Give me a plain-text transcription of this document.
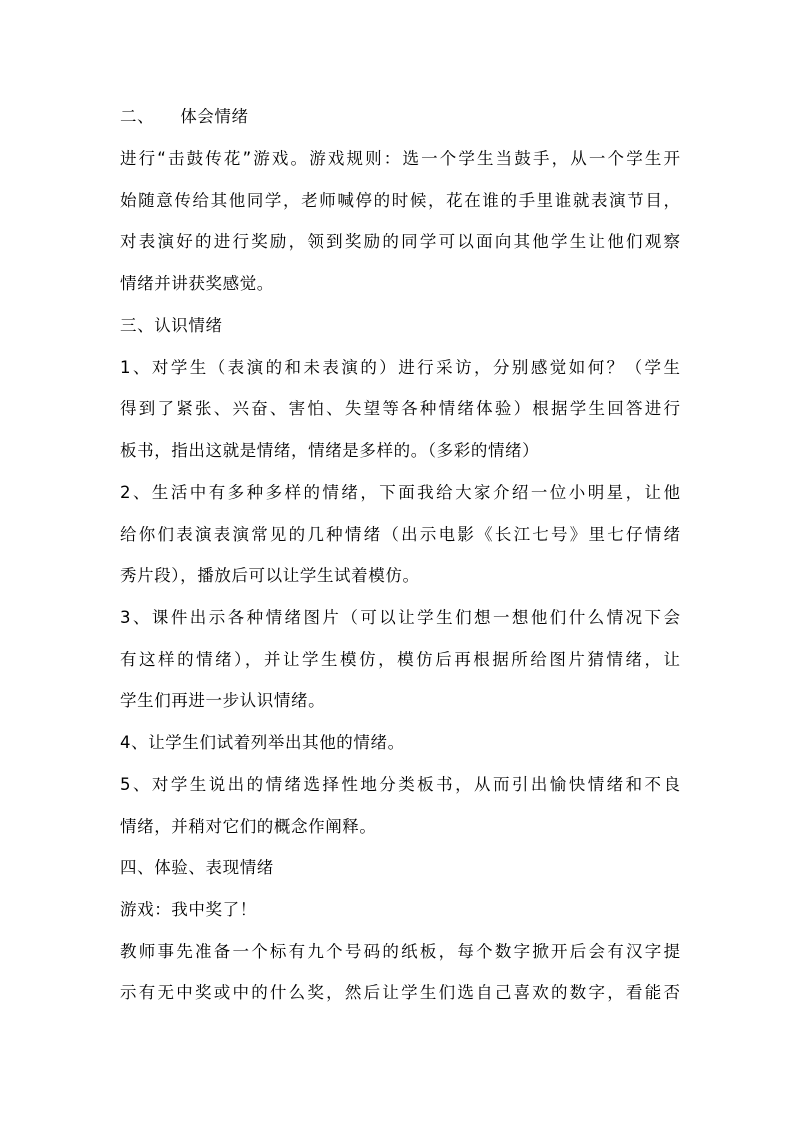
二、 体会情绪
进行“击鼓传花”游戏。游戏规则：选一个学生当鼓手，从一个学生开
始随意传给其他同学，老师喊停的时候，花在谁的手里谁就表演节目，
对表演好的进行奖励，领到奖励的同学可以面向其他学生让他们观察
情绪并讲获奖感觉。
三、认识情绪
1、对学生（表演的和未表演的）进行采访，分别感觉如何？（学生
得到了紧张、兴奋、害怕、失望等各种情绪体验）根据学生回答进行
板书，指出这就是情绪，情绪是多样的。（多彩的情绪）
2、生活中有多种多样的情绪，下面我给大家介绍一位小明星，让他
给你们表演表演常见的几种情绪（出示电影《长江七号》里七仔情绪
秀片段），播放后可以让学生试着模仿。
3、课件出示各种情绪图片（可以让学生们想一想他们什么情况下会
有这样的情绪），并让学生模仿，模仿后再根据所给图片猜情绪，让
学生们再进一步认识情绪。
4、让学生们试着列举出其他的情绪。
5、对学生说出的情绪选择性地分类板书，从而引出愉快情绪和不良
情绪，并稍对它们的概念作阐释。
四、体验、表现情绪
游戏：我中奖了！
教师事先准备一个标有九个号码的纸板，每个数字掀开后会有汉字提
示有无中奖或中的什么奖，然后让学生们选自己喜欢的数字，看能否
